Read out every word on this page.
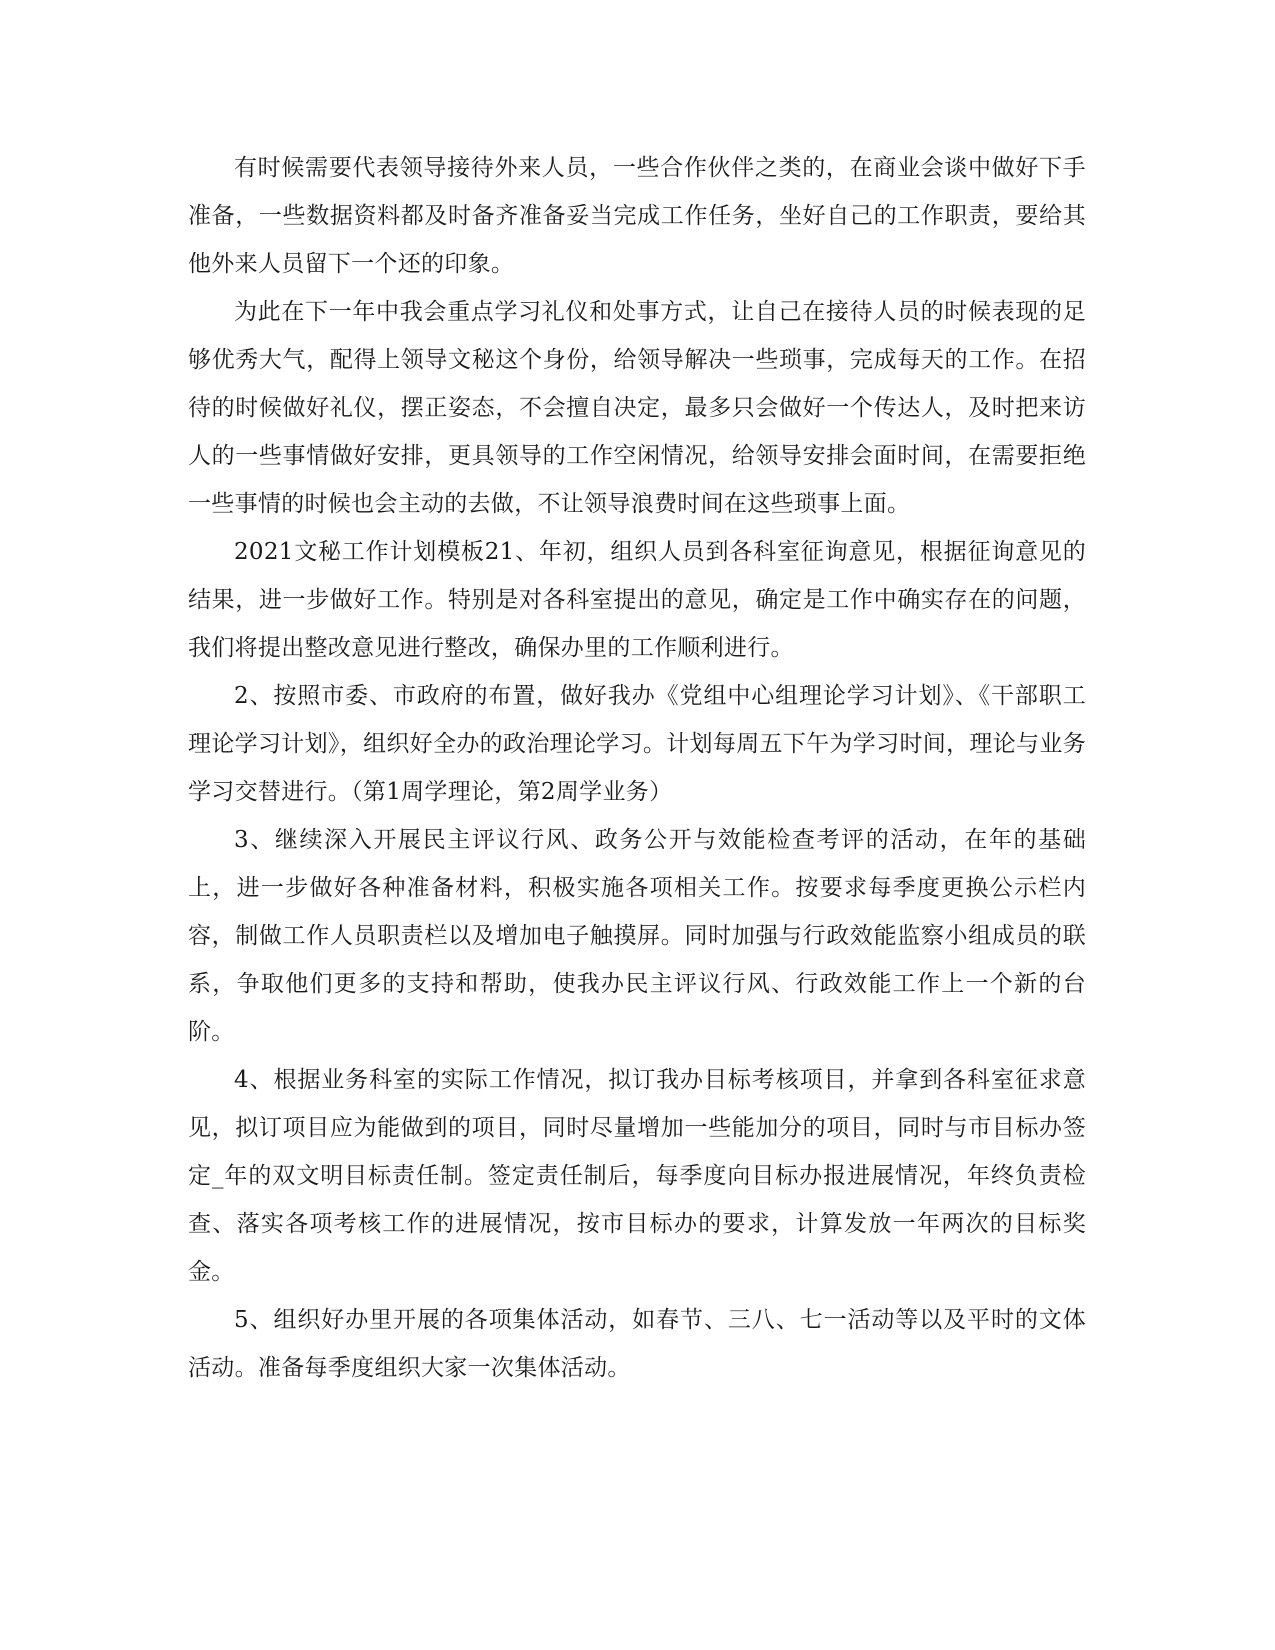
有时候需要代表领导接待外来人员，一些合作伙伴之类的，在商业会谈中做好下手准备，一些数据资料都及时备齐准备妥当完成工作任务，坐好自己的工作职责，要给其他外来人员留下一个还的印象。

为此在下一年中我会重点学习礼仪和处事方式，让自己在接待人员的时候表现的足够优秀大气，配得上领导文秘这个身份，给领导解决一些琐事，完成每天的工作。在招待的时候做好礼仪，摆正姿态，不会擅自决定，最多只会做好一个传达人，及时把来访人的一些事情做好安排，更具领导的工作空闲情况，给领导安排会面时间，在需要拒绝一些事情的时候也会主动的去做，不让领导浪费时间在这些琐事上面。

2021文秘工作计划模板21、年初，组织人员到各科室征询意见，根据征询意见的结果，进一步做好工作。特别是对各科室提出的意见，确定是工作中确实存在的问题，我们将提出整改意见进行整改，确保办里的工作顺利进行。

2、按照市委、市政府的布置，做好我办《党组中心组理论学习计划》、《干部职工理论学习计划》，组织好全办的政治理论学习。计划每周五下午为学习时间，理论与业务学习交替进行。（第1周学理论，第2周学业务）

3、继续深入开展民主评议行风、政务公开与效能检查考评的活动，在年的基础上，进一步做好各种准备材料，积极实施各项相关工作。按要求每季度更换公示栏内容，制做工作人员职责栏以及增加电子触摸屏。同时加强与行政效能监察小组成员的联系，争取他们更多的支持和帮助，使我办民主评议行风、行政效能工作上一个新的台阶。

4、根据业务科室的实际工作情况，拟订我办目标考核项目，并拿到各科室征求意见，拟订项目应为能做到的项目，同时尽量增加一些能加分的项目，同时与市目标办签定_年的双文明目标责任制。签定责任制后，每季度向目标办报进展情况，年终负责检查、落实各项考核工作的进展情况，按市目标办的要求，计算发放一年两次的目标奖金。

5、组织好办里开展的各项集体活动，如春节、三八、七一活动等以及平时的文体活动。准备每季度组织大家一次集体活动。
